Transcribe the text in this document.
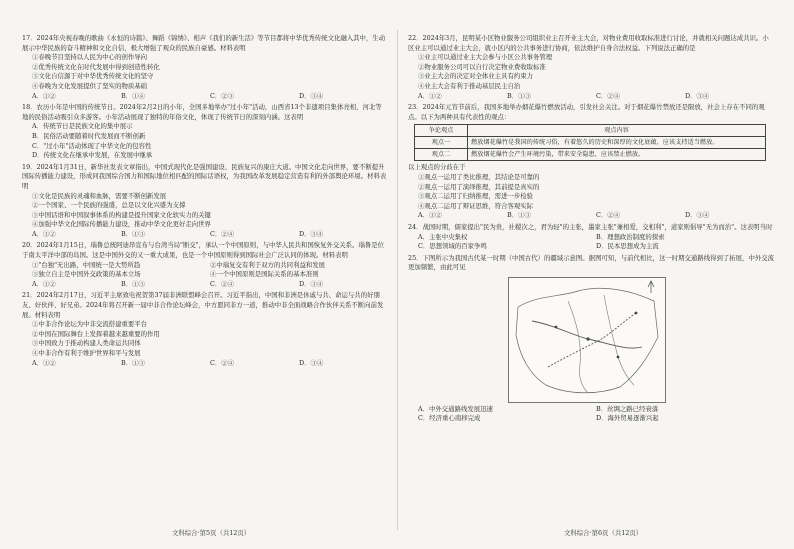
17．2024年央视春晚的歌曲《永恒的诗篇》、舞蹈《锦绣》、相声《我们的新生活》等节目都将中华优秀传统文化融入其中，生动展示中华民族的奋斗精神和文化自信，极大增强了观众的民族自豪感。材料表明
①春晚节目坚持以人民为中心的创作导向
②优秀传统文化在时代发展中得到创造性转化
③文化自信源于对中华优秀传统文化的坚守
④春晚为文化发展提供了坚实的物质基础
A．①②	B．①④	C．②③	D．③④
18．农历小年是中国的传统节日。2024年2月2日的小年，全国多地举办"过小年"活动，山西省13个非遗项目集体亮相，河北等地的民俗活动吸引众多游客。小年活动展现了独特的年俗文化，体现了传统节日的深刻内涵。这表明
A．传统节日是民族文化的集中展示
B．民俗活动要随着时代发展而不断创新
C．"过小年"活动体现了中华文化的包容性
D．传统文化在继承中发展，在发展中继承
19．2024年1月31日，新华社发表文章指出，中国式现代化是强国建设、民族复兴的康庄大道。中国文化走向世界，要不断提升国际传播能力建设，形成同我国综合国力和国际地位相匹配的国际话语权，为我国改革发展稳定营造有利的外部舆论环境。材料表明
①文化是民族的灵魂和血脉，需要不断创新发展
②一个国家、一个民族的强盛，总是以文化兴盛为支撑
③中国话语和中国叙事体系的构建是提升国家文化软实力的关键
④加强中华文化国际传播能力建设，推动中华文化更好走向世界
A．①②	B．①③	C．②④	D．③④
20．2024年1月15日，瑙鲁总统阿迪昂宣布与台湾当局"断交"，承认一个中国原则，与中华人民共和国恢复外交关系。瑙鲁是位于南太平洋中部的岛国。这是中国外交的又一重大成果，也是一个中国原则得到国际社会广泛认同的体现。材料表明
①"台独"无出路，中国统一是大势所趋	②中瑙复交有利于双方的共同利益和发展
③独立自主是中国外交政策的基本立场	④一个中国原则是国际关系的基本准则
A．①②	B．①③	C．②④	D．③④
21．2024年2月17日，习近平主席致电祝贺第37届非洲联盟峰会召开。习近平指出，中国和非洲是休戚与共、命运与共的好朋友、好伙伴、好兄弟。2024年将召开新一届中非合作论坛峰会，中方愿同非方一道，推动中非全面战略合作伙伴关系不断向前发展。材料表明
①中非合作论坛为中非交流搭建重要平台
②中国在国际舞台上发挥着越来越重要的作用
③中国致力于推动构建人类命运共同体
④中非合作有利于维护世界和平与发展
A．①②	B．①③	C．②④	D．③④
22．2024年3月，昆明某小区物业服务公司组织业主召开业主大会，对物业费用收取标准进行讨论，并就相关问题达成共识。小区业主可以通过业主大会，就小区内的公共事务进行协商，依法维护自身合法权益。下列说法正确的是
①业主可以通过业主大会参与小区公共事务管理
②物业服务公司可以自行决定物业费收取标准
③业主大会的决定对全体业主具有约束力
④业主大会有利于推动基层民主自治
A．①②	B．①③	C．②④	D．③④
23．2024年元宵节前后，我国多地举办烟花爆竹燃放活动，引发社会关注。对于烟花爆竹禁放还是限放，社会上存在不同的观点。以下为两种具有代表性的观点：
争论观点	观点内容
观点一	燃放烟花爆竹是我国的传统习俗，有着悠久的历史和深厚的文化底蕴，应该支持适当燃放。
观点二	燃放烟花爆竹会产生环境污染，带来安全隐患，应该禁止燃放。
以上观点的分歧在于
①观点一运用了类比推理，其结论是可靠的
②观点一运用了演绎推理，其前提是真实的
③观点二运用了归纳推理，需进一步检验
④观点二运用了辩证思维，符合客观实际
A．①②	B．①③	C．②④	D．③④
24．战国时期，儒家提出"民为贵，社稷次之，君为轻"的主张，墨家主张"兼相爱，交相利"，道家则倡导"无为而治"。这表明当时
A．主张中央集权	B．理想政治制度的探索
C．思想领域的百家争鸣	D．民本思想成为主流
25．下图所示为我国古代某一时期（中国古代）的疆域示意图。据图可知，与前代相比，这一时期交通路线得到了拓展，中外交流更加频繁，由此可见
A．中外交通路线发展迅速	B．丝绸之路已经衰落
C．经济重心南移完成	D．海外贸易逐渐兴起
文科综合·第5页（共12页）	文科综合·第6页（共12页）
